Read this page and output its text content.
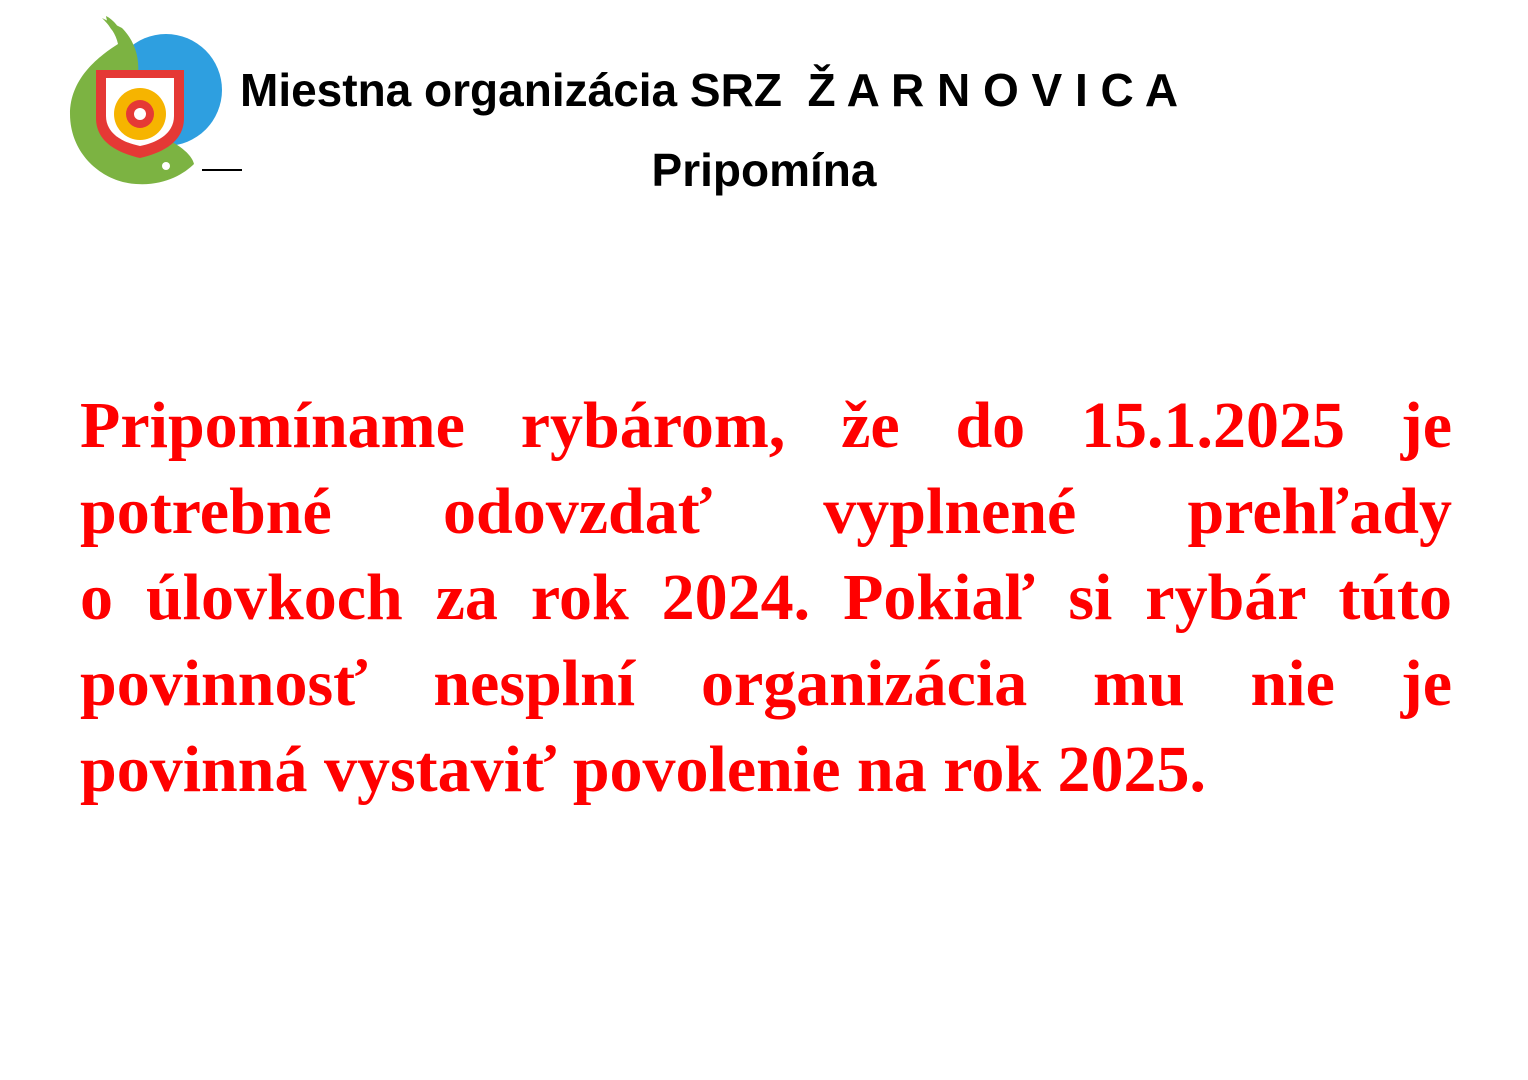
Miestna organizácia SRZ  Ž A R N O V I C A
Pripomína
Pripomíname rybárom, že do 15.1.2025 je
potrebné odovzdať vyplnené prehľady
o úlovkoch za rok 2024. Pokiaľ si rybár túto
povinnosť nesplní organizácia mu nie je
povinná vystaviť povolenie na rok 2025.
